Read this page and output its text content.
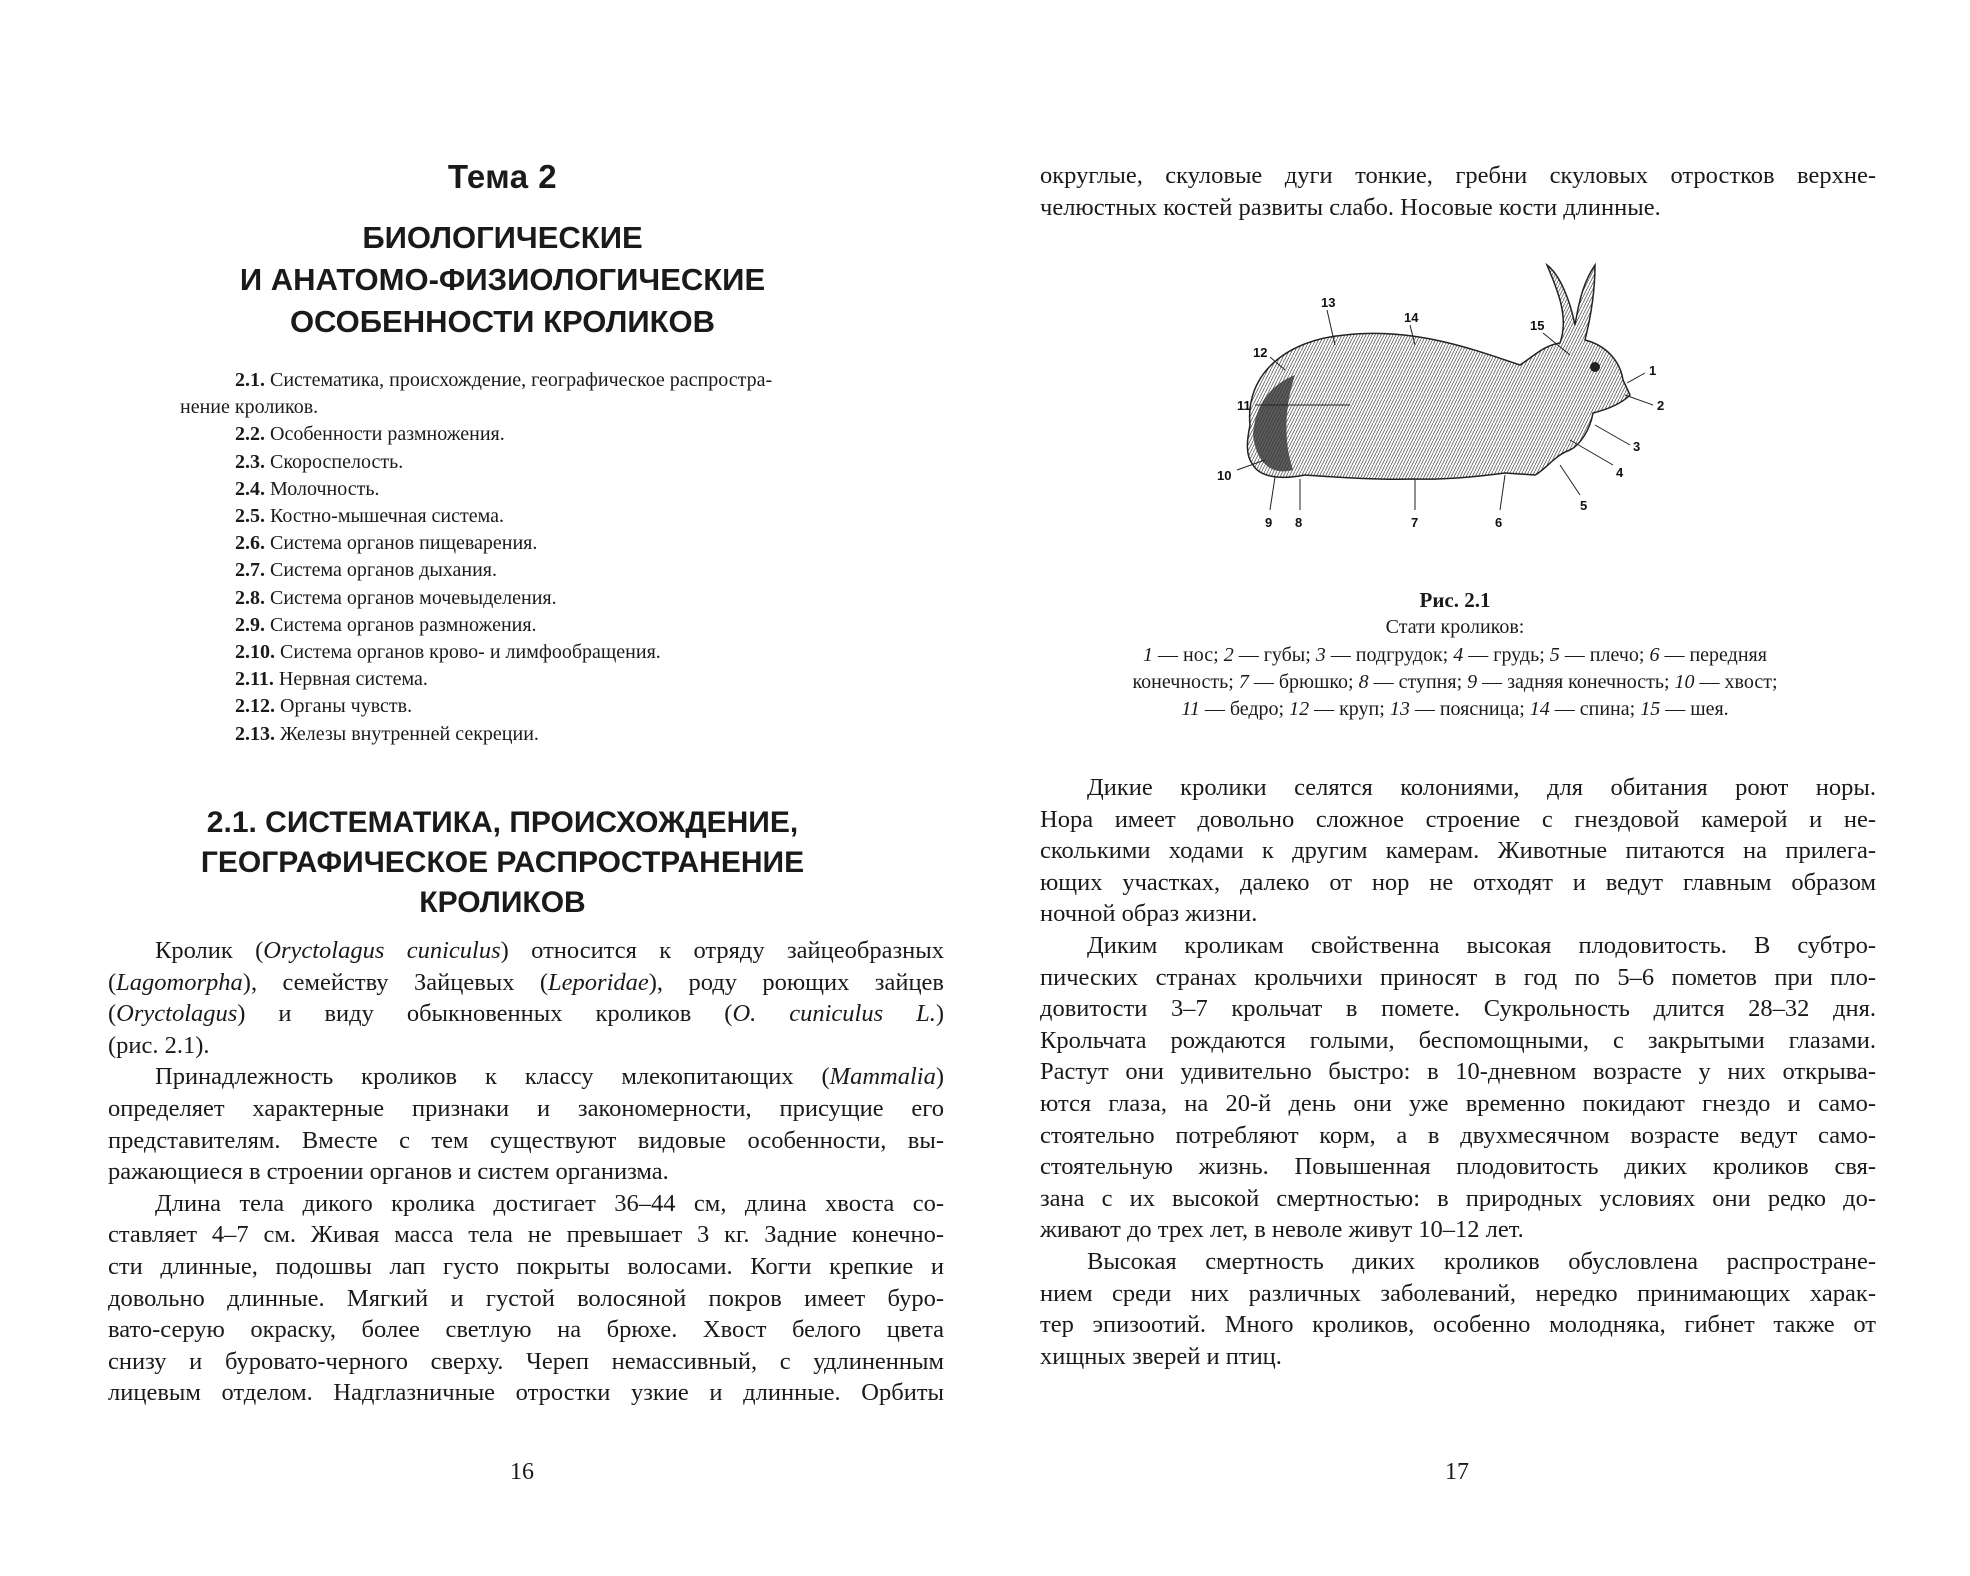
Тема 2
БИОЛОГИЧЕСКИЕ
И АНАТОМО-ФИЗИОЛОГИЧЕСКИЕ
ОСОБЕННОСТИ КРОЛИКОВ
2.1. Систематика, происхождение, географическое распростра-
нение кроликов.
2.2. Особенности размножения.
2.3. Скороспелость.
2.4. Молочность.
2.5. Костно-мышечная система.
2.6. Система органов пищеварения.
2.7. Система органов дыхания.
2.8. Система органов мочевыделения.
2.9. Система органов размножения.
2.10. Система органов крово- и лимфообращения.
2.11. Нервная система.
2.12. Органы чувств.
2.13. Железы внутренней секреции.
2.1. СИСТЕМАТИКА, ПРОИСХОЖДЕНИЕ,
ГЕОГРАФИЧЕСКОЕ РАСПРОСТРАНЕНИЕ
КРОЛИКОВ
Кролик (Oryctolagus cuniculus) относится к отряду зайцеобразных
(Lagomorpha), семейству Зайцевых (Leporidae), роду роющих зайцев
(Oryctolagus) и виду обыкновенных кроликов (O. cuniculus L.)
(рис. 2.1).
Принадлежность кроликов к классу млекопитающих (Mammalia)
определяет характерные признаки и закономерности, присущие его
представителям. Вместе с тем существуют видовые особенности, вы-
ражающиеся в строении органов и систем организма.
Длина тела дикого кролика достигает 36–44 см, длина хвоста со-
ставляет 4–7 см. Живая масса тела не превышает 3 кг. Задние конечно-
сти длинные, подошвы лап густо покрыты волосами. Когти крепкие и
довольно длинные. Мягкий и густой волосяной покров имеет буро-
вато-серую окраску, более светлую на брюхе. Хвост белого цвета
снизу и буровато-черного сверху. Череп немассивный, с удлиненным
лицевым отделом. Надглазничные отростки узкие и длинные. Орбиты
16
округлые, скуловые дуги тонкие, гребни скуловых отростков верхне-
челюстных костей развиты слабо. Носовые кости длинные.
13
14
15
12
11
10
9 8	7	6
5
4
3
2
1
Рис. 2.1
Стати кроликов:
1 — нос; 2 — губы; 3 — подгрудок; 4 — грудь; 5 — плечо; 6 — передняя
конечность; 7 — брюшко; 8 — ступня; 9 — задняя конечность; 10 — хвост;
11 — бедро; 12 — круп; 13 — поясница; 14 — спина; 15 — шея.
Дикие кролики селятся колониями, для обитания роют норы.
Нора имеет довольно сложное строение с гнездовой камерой и не-
сколькими ходами к другим камерам. Животные питаются на прилега-
ющих участках, далеко от нор не отходят и ведут главным образом
ночной образ жизни.
Диким кроликам свойственна высокая плодовитость. В субтро-
пических странах крольчихи приносят в год по 5–6 пометов при пло-
довитости 3–7 крольчат в помете. Сукрольность длится 28–32 дня.
Крольчата рождаются голыми, беспомощными, с закрытыми глазами.
Растут они удивительно быстро: в 10-дневном возрасте у них открыва-
ются глаза, на 20-й день они уже временно покидают гнездо и само-
стоятельно потребляют корм, а в двухмесячном возрасте ведут само-
стоятельную жизнь. Повышенная плодовитость диких кроликов свя-
зана с их высокой смертностью: в природных условиях они редко до-
живают до трех лет, в неволе живут 10–12 лет.
Высокая смертность диких кроликов обусловлена распростране-
нием среди них различных заболеваний, нередко принимающих харак-
тер эпизоотий. Много кроликов, особенно молодняка, гибнет также от
хищных зверей и птиц.
17
